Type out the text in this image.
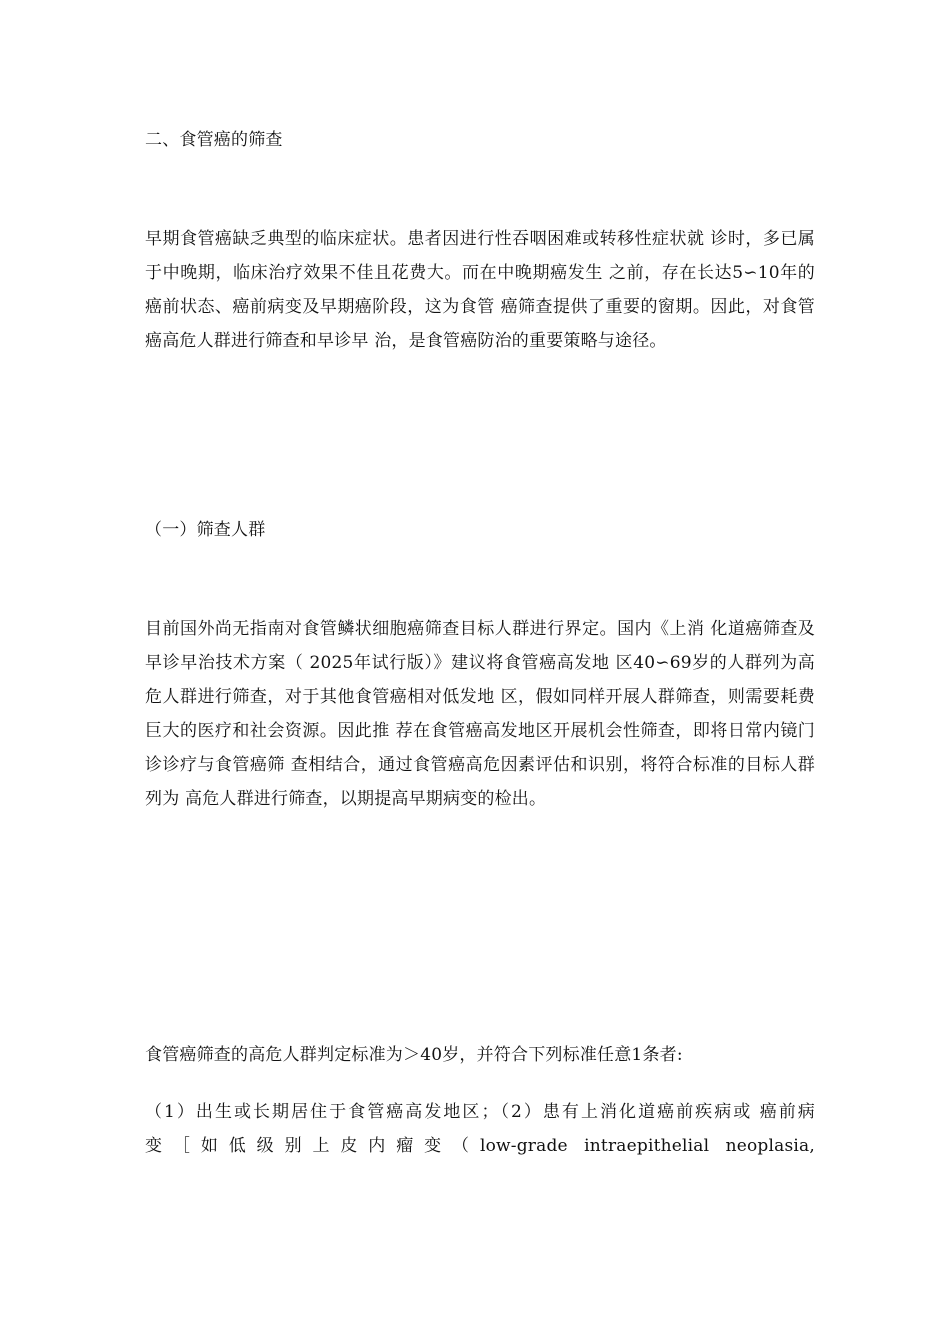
二、食管癌的筛查

早期食管癌缺乏典型的临床症状。患者因进行性吞咽困难或转移性症状就 诊时，多已属于中晚期，临床治疗效果不佳且花费大。而在中晚期癌发生 之前，存在长达5∽10年的癌前状态、癌前病变及早期癌阶段，这为食管 癌筛查提供了重要的窗期。因此，对食管癌高危人群进行筛查和早诊早 治，是食管癌防治的重要策略与途径。

（一）筛查人群

目前国外尚无指南对食管鳞状细胞癌筛查目标人群进行界定。国内《上消 化道癌筛查及早诊早治技术方案（ 2025年试行版）》建议将食管癌高发地 区40∽69岁的人群列为高危人群进行筛查，对于其他食管癌相对低发地 区，假如同样开展人群筛查，则需要耗费巨大的医疗和社会资源。因此推 荐在食管癌高发地区开展机会性筛查，即将日常内镜门诊诊疗与食管癌筛 查相结合，通过食管癌高危因素评估和识别，将符合标准的目标人群列为 高危人群进行筛查，以期提高早期病变的检出。

食管癌筛查的高危人群判定标准为＞40岁，并符合下列标准任意1条者:

（1）出生或长期居住于食管癌高发地区；（2）患有上消化道癌前疾病或 癌前病

变［如低级别上皮内瘤变（low-grade intraepithelial neoplasia,
